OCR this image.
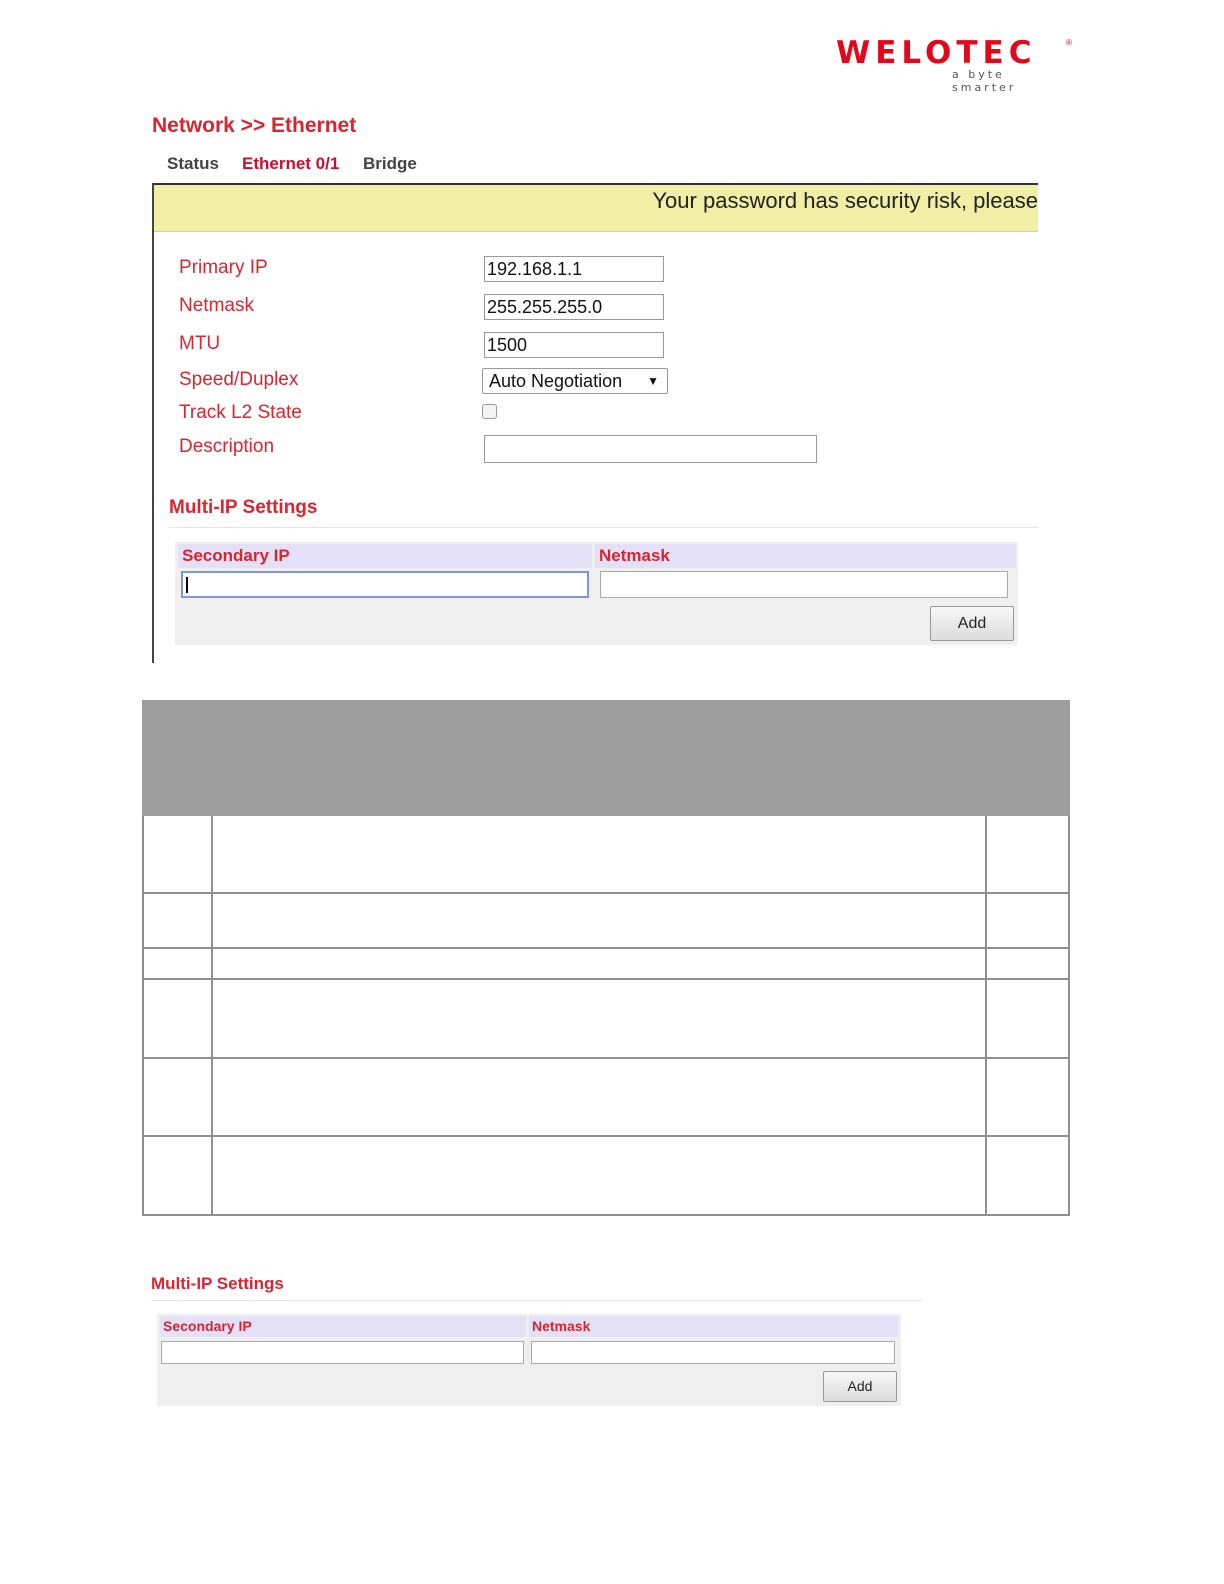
WELOTEC	®
a byte smarter
Network >> Ethernet
Status Ethernet 0/1 Bridge
Your password has security risk, please
Primary IP	192.168.1.1
Netmask	255.255.255.0
MTU	1500
Speed/Duplex	Auto Negotiation ▼
Track L2 State
Description
Multi-IP Settings
Secondary IP	Netmask
Add
Multi-IP Settings
Secondary IP	Netmask
Add
